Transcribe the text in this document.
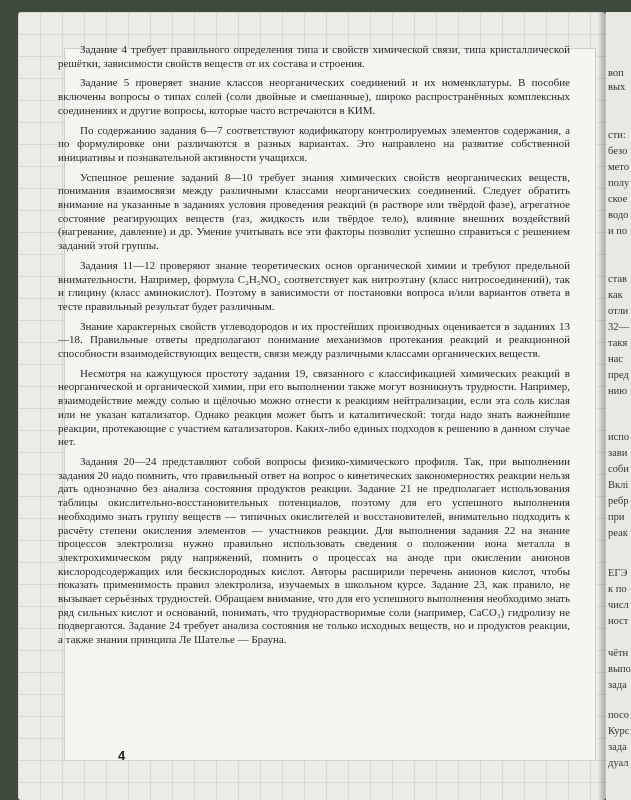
Задание 4 требует правильного определения типа и свойств химической связи, типа кристаллической решётки, зависимости свойств веществ от их состава и строения.

Задание 5 проверяет знание классов неорганических соединений и их номенклатуры. В пособие включены вопросы о типах солей (соли двойные и смешанные), широко распространённых комплексных соединениях и другие вопросы, которые часто встречаются в КИМ.

По содержанию задания 6—7 соответствуют кодификатору контролируемых элементов содержания, а по формулировке они различаются в разных вариантах. Это направлено на развитие собственной инициативы и познавательной активности учащихся.

Успешное решение заданий 8—10 требует знания химических свойств неорганических веществ, понимания взаимосвязи между различными классами неорганических соединений. Следует обратить внимание на указанные в заданиях условия проведения реакций (в растворе или твёрдой фазе), агрегатное состояние реагирующих веществ (газ, жидкость или твёрдое тело), влияние внешних воздействий (нагревание, давление) и др. Умение учитывать все эти факторы позволит успешно справиться с решением заданий этой группы.

Задания 11—12 проверяют знание теоретических основ органической химии и требуют предельной внимательности. Например, формула C₂H₅NO₂ соответствует как нитроэтану (класс нитросоединений), так и глицину (класс аминокислот). Поэтому в зависимости от постановки вопроса и/или вариантов ответа в тесте правильный результат будет различным.

Знание характерных свойств углеводородов и их простейших производных оценивается в заданиях 13—18. Правильные ответы предполагают понимание механизмов протекания реакций и реакционной способности взаимодействующих веществ, связи между различными классами органических веществ.

Несмотря на кажущуюся простоту задания 19, связанного с классификацией химических реакций в неорганической и органической химии, при его выполнении также могут возникнуть трудности. Например, взаимодействие между солью и щёлочью можно отнести к реакциям нейтрализации, если эта соль кислая или не указан катализатор. Однако реакция может быть и каталитической: тогда надо знать важнейшие реакции, протекающие с участием катализаторов. Каких-либо единых подходов к решению в данном случае нет.

Задания 20—24 представляют собой вопросы физико-химического профиля. Так, при выполнении задания 20 надо помнить, что правильный ответ на вопрос о кинетических закономерностях реакции нельзя дать однозначно без анализа состояния продуктов реакции. Задание 21 не предполагает использования таблицы окислительно-восстановительных потенциалов, поэтому для его успешного выполнения необходимо знать группу веществ — типичных окислителей и восстановителей, внимательно подходить к расчёту степени окисления элементов — участников реакции. Для выполнения задания 22 на знание процессов электролиза нужно правильно использовать сведения о положении иона металла в электрохимическом ряду напряжений, помнить о процессах на аноде при окислении анионов кислородсодержащих или бескислородных кислот. Авторы расширили перечень анионов кислот, чтобы показать применимость правил электролиза, изучаемых в школьном курсе. Задание 23, как правило, не вызывает серьёзных трудностей. Обращаем внимание, что для его успешного выполнения необходимо знать ряд сильных кислот и оснований, понимать, что труднорастворимые соли (например, CaCO₃) гидролизу не подвергаются. Задание 24 требует анализа состояния не только исходных веществ, но и продуктов реакции, а также знания принципа Ле Шателье — Брауна.

4
воп
вых
сти:
безо
мето
полу
ское
водо
и по
став
как
отли
32—
такя
нас
пред
нию
испо
зави
соби
Вклі
ребр
при
реак
ЕГЭ
к по
числ
ност
чётн
выпо
зада
посо
Курс
зада
дуал
